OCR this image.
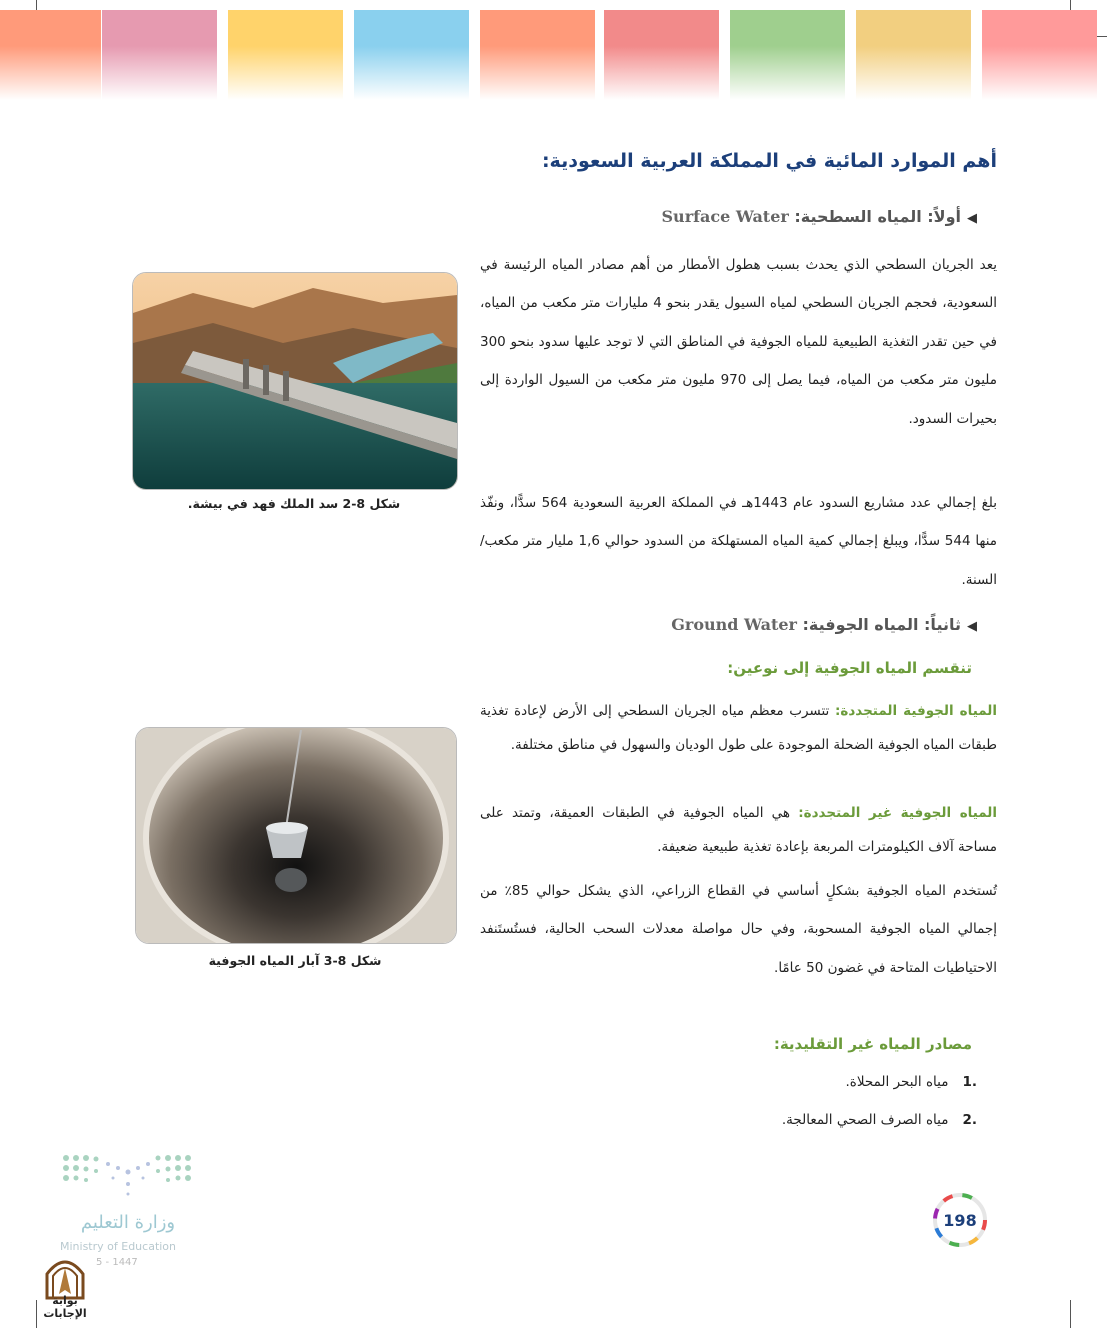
أهم الموارد المائية في المملكة العربية السعودية:
◀أولاً: المياه السطحية: Surface Water

يعد الجريان السطحي الذي يحدث بسبب هطول الأمطار من أهم مصادر المياه الرئيسة في السعودية، فحجم الجريان السطحي لمياه السيول يقدر بنحو 4 مليارات متر مكعب من المياه، في حين تقدر التغذية الطبيعية للمياه الجوفية في المناطق التي لا توجد عليها سدود بنحو 300 مليون متر مكعب من المياه، فيما يصل إلى 970 مليون متر مكعب من السيول الواردة إلى بحيرات السدود.

بلغ إجمالي عدد مشاريع السدود عام 1443هـ في المملكة العربية السعودية 564 سدًّا، ونفّذ منها 544 سدًّا، ويبلغ إجمالي كمية المياه المستهلكة من السدود حوالي 1,6 مليار متر مكعب/ السنة.

شكل 8-2 سد الملك فهد في بيشة.
◀ثانياً: المياه الجوفية: Ground Water
تنقسم المياه الجوفية إلى نوعين:

المياه الجوفية المتجددة: تتسرب معظم مياه الجريان السطحي إلى الأرض لإعادة تغذية طبقات المياه الجوفية الضحلة الموجودة على طول الوديان والسهول في مناطق مختلفة.

المياه الجوفية غير المتجددة: هي المياه الجوفية في الطبقات العميقة، وتمتد على مساحة آلاف الكيلومترات المربعة بإعادة تغذية طبيعية ضعيفة.

تُستخدم المياه الجوفية بشكلٍ أساسي في القطاع الزراعي، الذي يشكل حوالي 85٪ من إجمالي المياه الجوفية المسحوبة، وفي حال مواصلة معدلات السحب الحالية، فستُستَنفد الاحتياطيات المتاحة في غضون 50 عامًا.

شكل 8-3 آبار المياه الجوفية
مصادر المياه غير التقليدية:
.1مياه البحر المحلاة.
.2مياه الصرف الصحي المعالجة.
198
وزارة التعليم
Ministry of Education
5 - 1447
بوابة الإجابات
